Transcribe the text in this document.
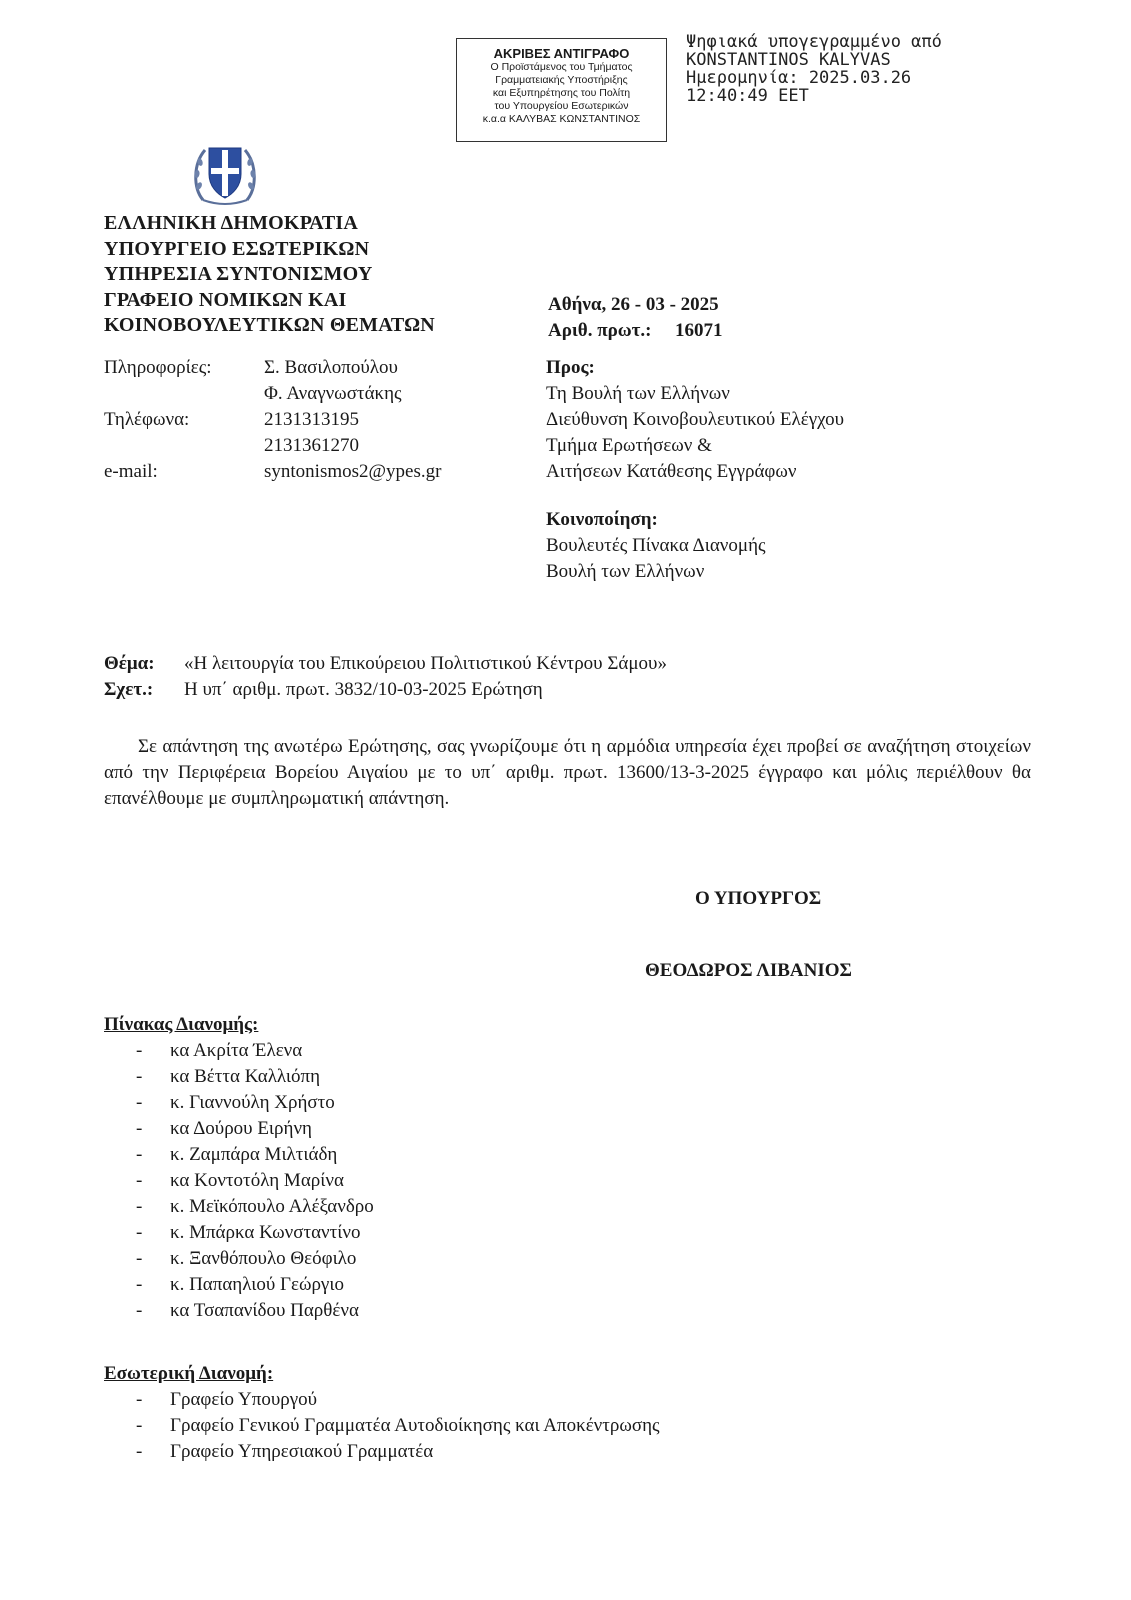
ΑΚΡΙΒΕΣ ΑΝΤΙΓΡΑΦΟ
Ο Προϊστάμενος του Τμήματος
Γραμματειακής Υποστήριξης
και Εξυπηρέτησης του Πολίτη
του Υπουργείου Εσωτερικών
κ.α.α ΚΑΛΥΒΑΣ ΚΩΝΣΤΑΝΤΙΝΟΣ
Ψηφιακά υπογεγραμμένο από
KONSTANTINOS KALYVAS
Ημερομηνία: 2025.03.26
12:40:49 EET
ΕΛΛΗΝΙΚΗ ΔΗΜΟΚΡΑΤΙΑ
ΥΠΟΥΡΓΕΙΟ ΕΣΩΤΕΡΙΚΩΝ
ΥΠΗΡΕΣΙΑ ΣΥΝΤΟΝΙΣΜΟΥ
ΓΡΑΦΕΙΟ ΝΟΜΙΚΩΝ ΚΑΙ
ΚΟΙΝΟΒΟΥΛΕΥΤΙΚΩΝ ΘΕΜΑΤΩΝ
Αθήνα, 26 - 03 - 2025
Αριθ. πρωτ.: 16071
Πληροφορίες:	Σ. Βασιλοπούλου
Φ. Αναγνωστάκης
Τηλέφωνα:	2131313195
2131361270
e-mail:	syntonismos2@ypes.gr
Προς:
Τη Βουλή των Ελλήνων
Διεύθυνση Κοινοβουλευτικού Ελέγχου
Τμήμα Ερωτήσεων &
Αιτήσεων Κατάθεσης Εγγράφων
Κοινοποίηση:
Βουλευτές Πίνακα Διανομής
Βουλή των Ελλήνων
Θέμα:	«Η λειτουργία του Επικούρειου Πολιτιστικού Κέντρου Σάμου»
Σχετ.:	Η υπ΄ αριθμ. πρωτ. 3832/10-03-2025 Ερώτηση
Σε απάντηση της ανωτέρω Ερώτησης, σας γνωρίζουμε ότι η αρμόδια υπηρεσία έχει προβεί σε αναζήτηση στοιχείων από την Περιφέρεια Βορείου Αιγαίου με το υπ΄ αριθμ. πρωτ. 13600/13-3-2025 έγγραφο και μόλις περιέλθουν θα επανέλθουμε με συμπληρωματική απάντηση.
Ο ΥΠΟΥΡΓΟΣ
ΘΕΟΔΩΡΟΣ ΛΙΒΑΝΙΟΣ
Πίνακας Διανομής:
-	κα Ακρίτα Έλενα
-	κα Βέττα Καλλιόπη
-	κ. Γιαννούλη Χρήστο
-	κα Δούρου Ειρήνη
-	κ. Ζαμπάρα Μιλτιάδη
-	κα Κοντοτόλη Μαρίνα
-	κ. Μεϊκόπουλο Αλέξανδρο
-	κ. Μπάρκα Κωνσταντίνο
-	κ. Ξανθόπουλο Θεόφιλο
-	κ. Παπαηλιού Γεώργιο
-	κα Τσαπανίδου Παρθένα
Εσωτερική Διανομή:
-	Γραφείο Υπουργού
-	Γραφείο Γενικού Γραμματέα Αυτοδιοίκησης και Αποκέντρωσης
-	Γραφείο Υπηρεσιακού Γραμματέα
